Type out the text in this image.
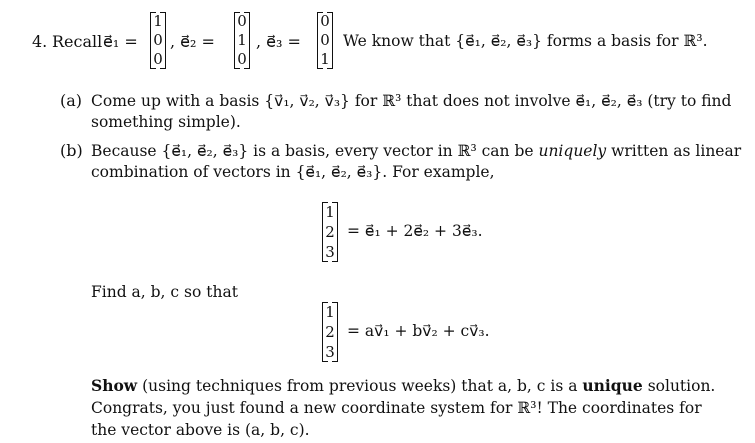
4. Recall e⃗₁ =
1
0
0
, e⃗₂ =
0
1
0
, e⃗₃ =
0
0
1
We know that {e⃗₁, e⃗₂, e⃗₃} forms a basis for ℝ³.
(a) Come up with a basis {v⃗₁, v⃗₂, v⃗₃} for ℝ³ that does not involve e⃗₁, e⃗₂, e⃗₃ (try to find
something simple).
(b) Because {e⃗₁, e⃗₂, e⃗₃} is a basis, every vector in ℝ³ can be uniquely written as linear
combination of vectors in {e⃗₁, e⃗₂, e⃗₃}. For example,
1
2
3
= e⃗₁ + 2e⃗₂ + 3e⃗₃.
Find a, b, c so that
1
2
3
= av⃗₁ + bv⃗₂ + cv⃗₃.
Show (using techniques from previous weeks) that a, b, c is a unique solution.
Congrats, you just found a new coordinate system for ℝ³! The coordinates for
the vector above is (a, b, c).
